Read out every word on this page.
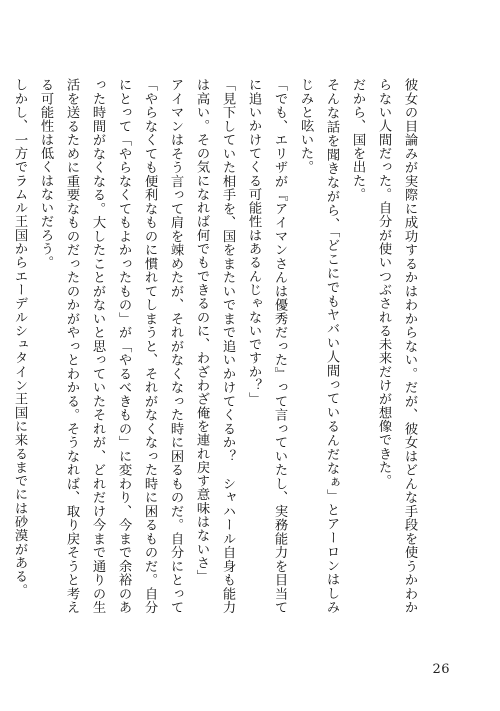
彼女の目論みが実際に成功するかはわからない。だが、彼女はどんな手段を使うかわからない人間だった。自分が使いつぶされる未来だけが想像できた。

だから、国を出た。

そんな話を聞きながら、「どこにでもヤバい人間っているんだなぁ」とアーロンはしみじみと呟いた。

「でも、エリザが『アイマンさんは優秀だった』って言っていたし、実務能力を目当てに追いかけてくる可能性はあるんじゃないですか？」

「見下していた相手を、国をまたいでまで追いかけてくるか？　シャハール自身も能力は高い。その気になれば何でもできるのに、わざわざ俺を連れ戻す意味はないさ」

アイマンはそう言って肩を竦めたが、それがなくなった時に困るものだ。自分にとって「やらなくても便利なものに慣れてしまうと、それがなくなった時に困るものだ。自分にとって「やらなくてもよかったもの」が「やるべきもの」に変わり、今まで余裕のあった時間がなくなる。大したことがないと思っていたそれが、どれだけ今まで通りの生活を送るために重要なものだったのかがやっとわかる。そうなれば、取り戻そうと考える可能性は低くはないだろう。

しかし、一方でラムル王国からエーデルシュタイン王国に来るまでには砂漠がある。

26
